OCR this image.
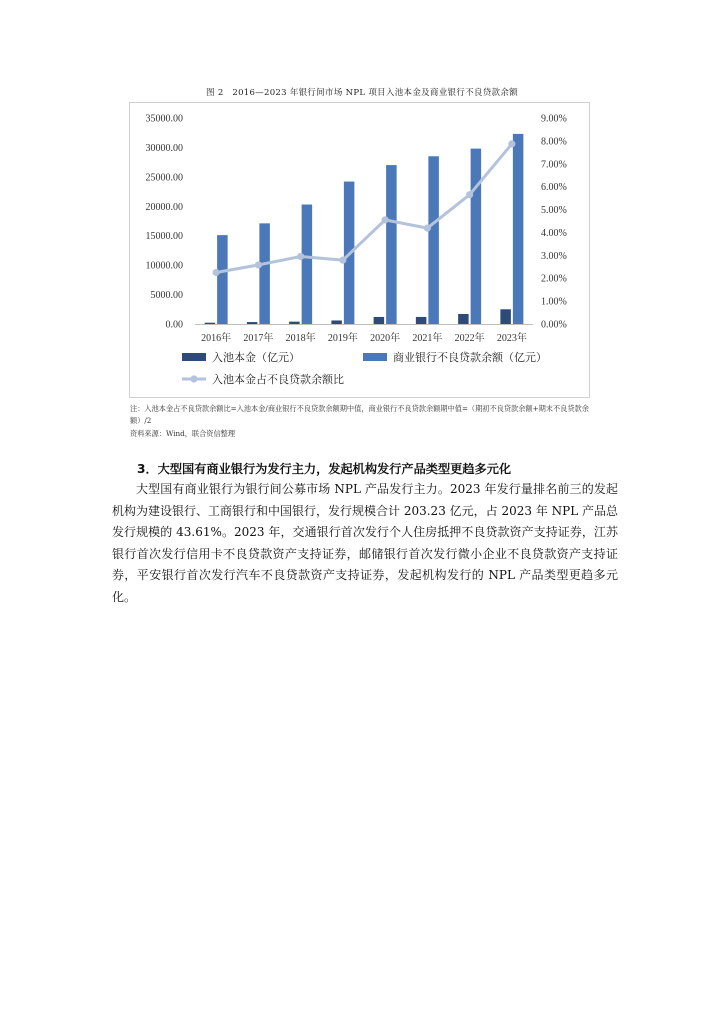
图 2　2016—2023 年银行间市场 NPL 项目入池本金及商业银行不良贷款余额
0.00
5000.00
10000.00
15000.00
20000.00
25000.00
30000.00
35000.00
0.00%
1.00%
2.00%
3.00%
4.00%
5.00%
6.00%
7.00%
8.00%
9.00%
2016年 2017年 2018年 2019年 2020年 2021年 2022年 2023年
入池本金（亿元）	商业银行不良贷款余额（亿元）
入池本金占不良贷款余额比
注：入池本金占不良贷款余额比=入池本金/商业银行不良贷款余额期中值，商业银行不良贷款余额期中值=（期初不良贷款余额+期末不良贷款余额）/2
资料来源：Wind，联合资信整理
3．大型国有商业银行为发行主力，发起机构发行产品类型更趋多元化
大型国有商业银行为银行间公募市场 NPL 产品发行主力。2023 年发行量排名前三的发起机构为建设银行、工商银行和中国银行，发行规模合计 203.23 亿元，占 2023 年 NPL 产品总发行规模的 43.61%。2023 年，交通银行首次发行个人住房抵押不良贷款资产支持证券，江苏银行首次发行信用卡不良贷款资产支持证券，邮储银行首次发行微小企业不良贷款资产支持证券，平安银行首次发行汽车不良贷款资产支持证券，发起机构发行的 NPL 产品类型更趋多元化。
